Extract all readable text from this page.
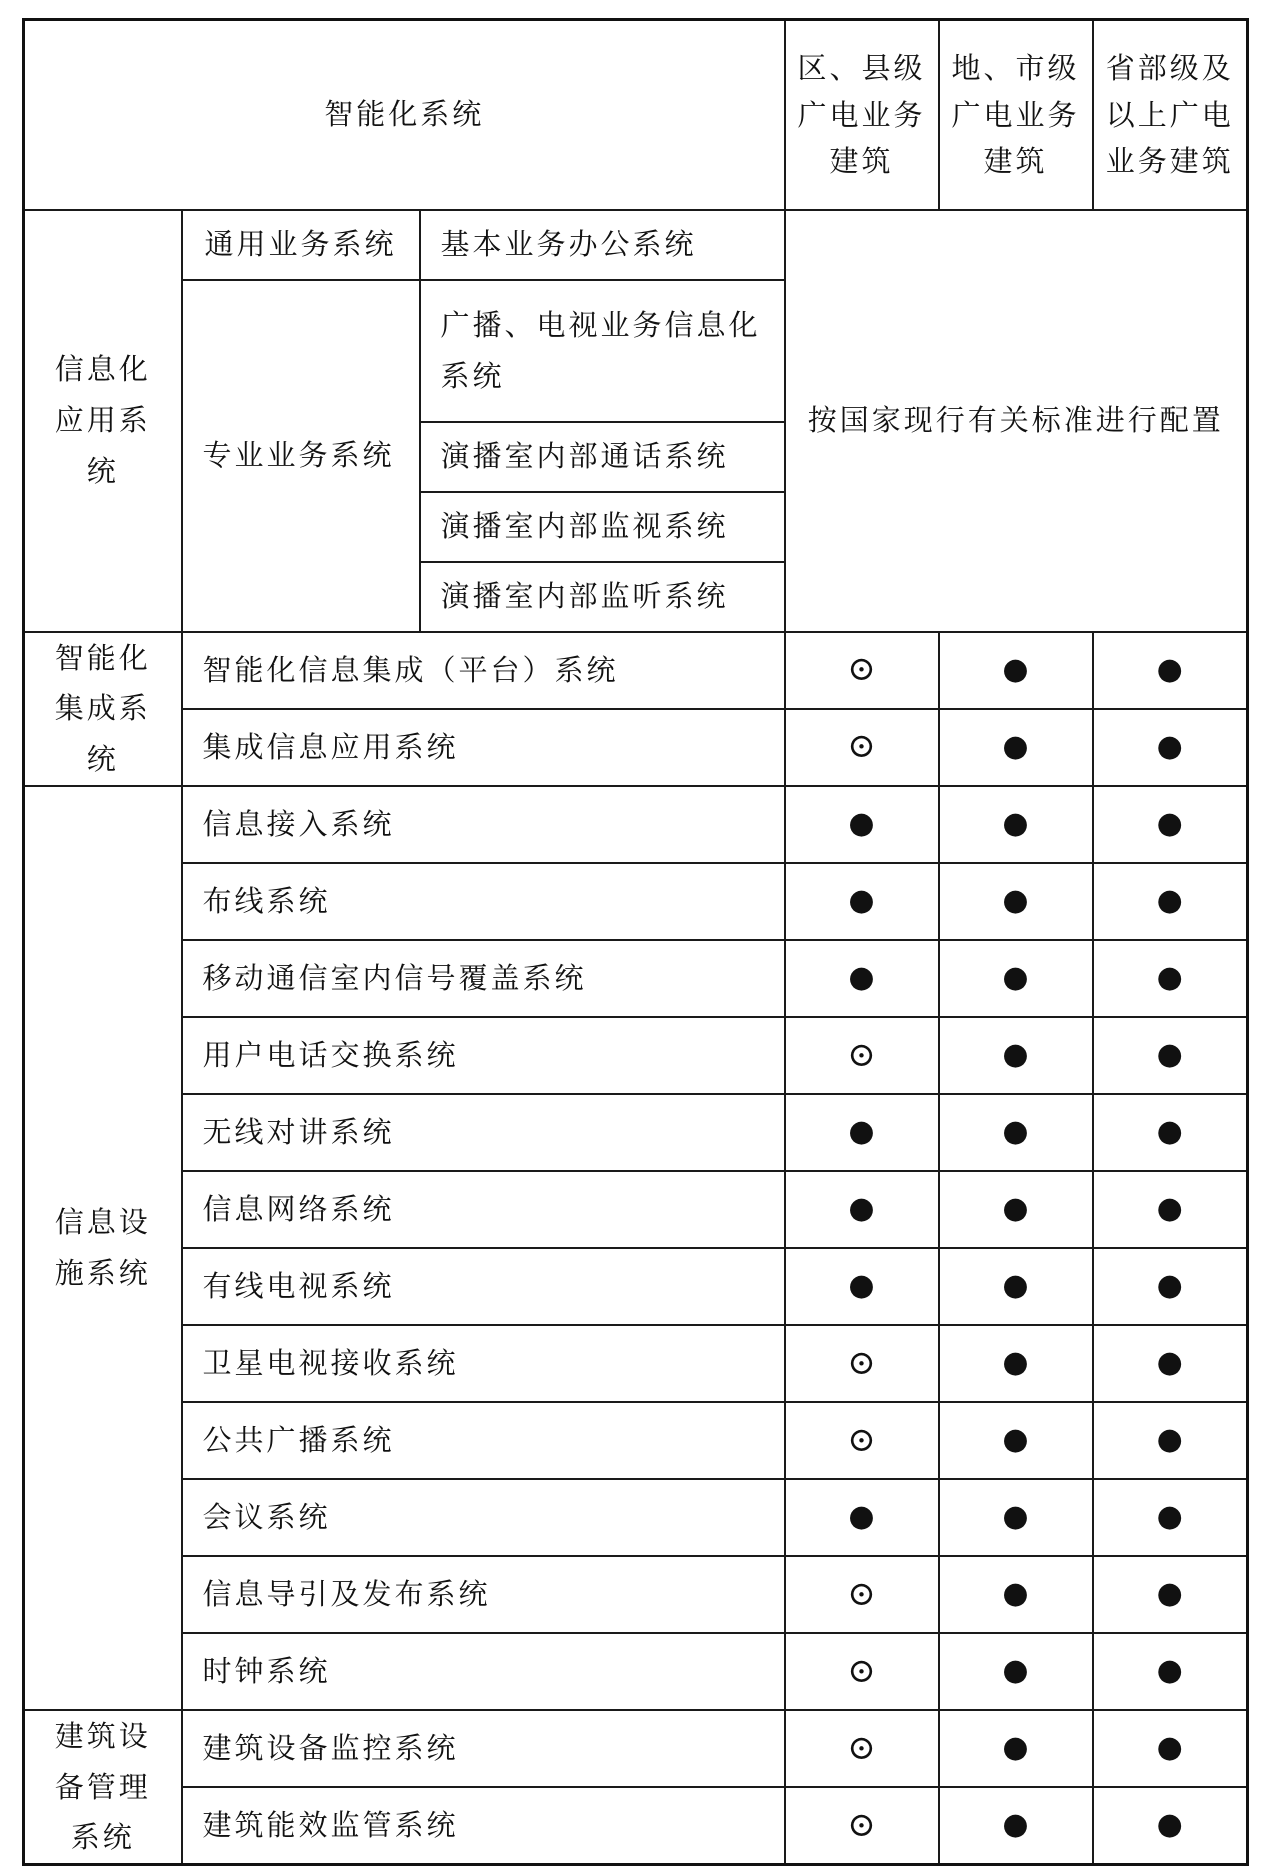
智能化系统			区、县级广电业务建筑	地、市级广电业务建筑	省部级及以上广电业务建筑
信息化应用系统	通用业务系统	基本业务办公系统	按国家现行有关标准进行配置		
	专业业务系统	广播、电视业务信息化系统			
		演播室内部通话系统			
		演播室内部监视系统			
		演播室内部监听系统			

智能化集成系统	智能化信息集成（平台）系统		⊙	●	●
	集成信息应用系统		⊙	●	●
信息设施系统	信息接入系统		●	●	●
	布线系统		●	●	●
	移动通信室内信号覆盖系统		●	●	●
	用户电话交换系统		⊙	●	●
	无线对讲系统		●	●	●
	信息网络系统		●	●	●
	有线电视系统		●	●	●
	卫星电视接收系统		⊙	●	●
	公共广播系统		⊙	●	●
	会议系统		●	●	●
	信息导引及发布系统		⊙	●	●
	时钟系统		⊙	●	●
建筑设备管理系统	建筑设备监控系统		⊙	●	●
	建筑能效监管系统		⊙	●	●
